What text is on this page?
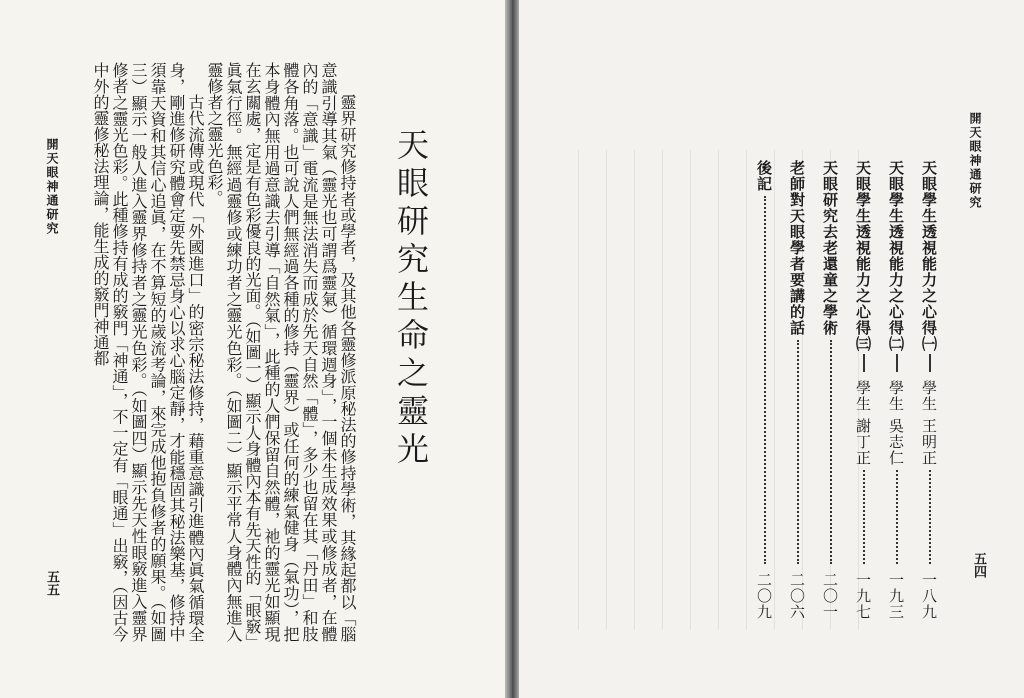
天眼研究生命之靈光

靈界研究修持者或學者，及其他各靈修派原秘法的修持學術，其緣起都以「腦意識引導其氣（靈光也可謂爲靈氣）循環週身」，一個未生成效果或修成者，在體內的「意識」電流是無法消失而成於先天自然「體」，多少也留在其「丹田」和肢體各角落。也可說人們無經過各種的修持（靈界）或任何的練氣健身（氣功），把本身體內無用過意識去引導「自然氣」，此種的人們保留自然體，祂的靈光如顯現在玄關處，定是有色彩優良的光面。（如圖一）顯示人身體內本有先天性的「眼竅」眞氣行徑。無經過靈修或練功者之靈光色彩。（如圖二）顯示平常人身體內無進入靈修者之靈光色彩。

古代流傳或現代「外國進口」的密宗秘法修持，藉重意識引進體內眞氣循環全身，剛進修研究體會定要先禁忌身心以求心腦定靜，才能穩固其秘法樂基，修持中須靠天資和其信心追眞，在不算短的歲流考論，來完成他抱負修者的願果。（如圖三）顯示一般人進入靈界修持者之靈光色彩。（如圖四）顯示先天性眼竅進入靈界修者之靈光色彩。此種修持有成的竅門「神通」，不一定有「眼通」出竅，（因古今中外的靈修秘法理論，能生成的竅門神通都

開天眼神通研究
五五
開天眼神通研究
五四
天眼學生透視能力之心得㈠
學生
王明正
一八九
天眼學生透視能力之心得㈡
學生
吳志仁
一九三
天眼學生透視能力之心得㈢
學生
謝丁正
一九七
天眼研究去老還童之學術
二〇一
老師對天眼學者要講的話
二〇六
後記
二〇九
